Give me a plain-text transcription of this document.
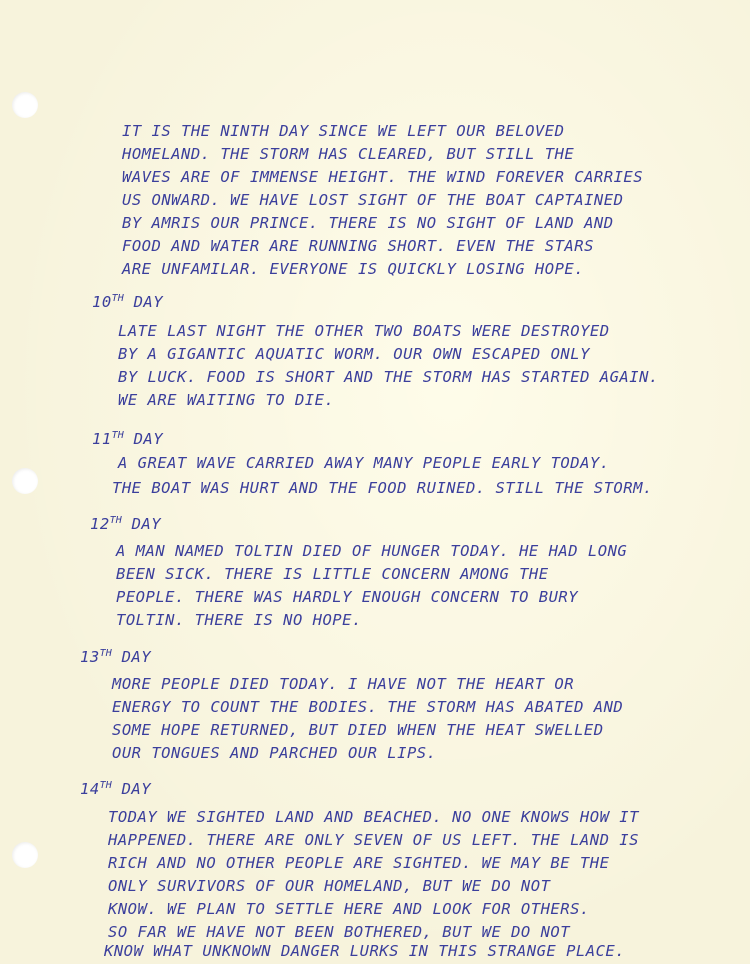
IT IS THE NINTH DAY SINCE WE LEFT OUR BELOVED
HOMELAND. THE STORM HAS CLEARED, BUT STILL THE
WAVES ARE OF IMMENSE HEIGHT. THE WIND FOREVER CARRIES
US ONWARD. WE HAVE LOST SIGHT OF THE BOAT CAPTAINED
BY AMRIS OUR PRINCE. THERE IS NO SIGHT OF LAND AND
FOOD AND WATER ARE RUNNING SHORT. EVEN THE STARS
ARE UNFAMILAR. EVERYONE IS QUICKLY LOSING HOPE.
10TH DAY
LATE LAST NIGHT THE OTHER TWO BOATS WERE DESTROYED
BY A GIGANTIC AQUATIC WORM. OUR OWN ESCAPED ONLY
BY LUCK. FOOD IS SHORT AND THE STORM HAS STARTED AGAIN.
WE ARE WAITING TO DIE.
11TH DAY
A GREAT WAVE CARRIED AWAY MANY PEOPLE EARLY TODAY.
THE BOAT WAS HURT AND THE FOOD RUINED. STILL THE STORM.
12TH DAY
A MAN NAMED TOLTIN DIED OF HUNGER TODAY. HE HAD LONG
BEEN SICK. THERE IS LITTLE CONCERN AMONG THE
PEOPLE. THERE WAS HARDLY ENOUGH CONCERN TO BURY
TOLTIN. THERE IS NO HOPE.
13TH DAY
MORE PEOPLE DIED TODAY. I HAVE NOT THE HEART OR
ENERGY TO COUNT THE BODIES. THE STORM HAS ABATED AND
SOME HOPE RETURNED, BUT DIED WHEN THE HEAT SWELLED
OUR TONGUES AND PARCHED OUR LIPS.
14TH DAY
TODAY WE SIGHTED LAND AND BEACHED. NO ONE KNOWS HOW IT
HAPPENED. THERE ARE ONLY SEVEN OF US LEFT. THE LAND IS
RICH AND NO OTHER PEOPLE ARE SIGHTED. WE MAY BE THE
ONLY SURVIVORS OF OUR HOMELAND, BUT WE DO NOT
KNOW. WE PLAN TO SETTLE HERE AND LOOK FOR OTHERS.
SO FAR WE HAVE NOT BEEN BOTHERED, BUT WE DO NOT
KNOW WHAT UNKNOWN DANGER LURKS IN THIS STRANGE PLACE.
